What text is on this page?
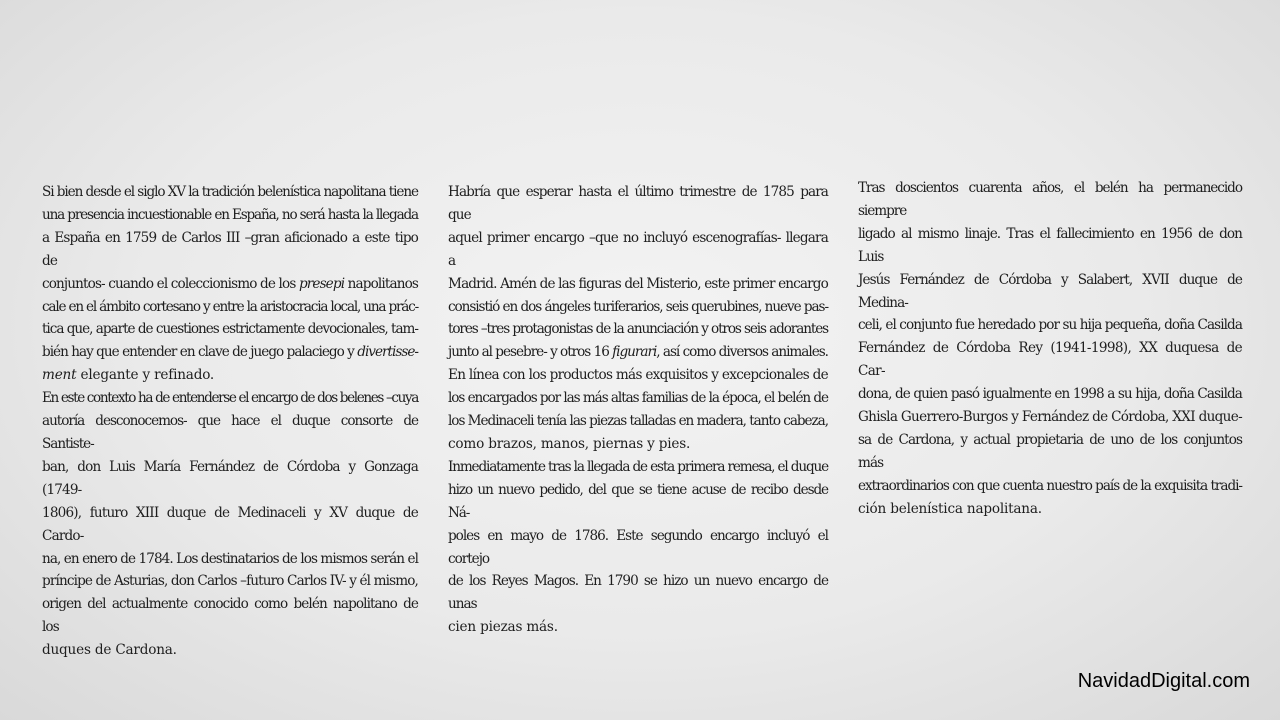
Si bien desde el siglo XV la tradición belenística napolitana tiene
una presencia incuestionable en España, no será hasta la llegada
a España en 1759 de Carlos III –gran aficionado a este tipo de
conjuntos- cuando el coleccionismo de los presepi napolitanos
cale en el ámbito cortesano y entre la aristocracia local, una prác-
tica que, aparte de cuestiones estrictamente devocionales, tam-
bién hay que entender en clave de juego palaciego y divertisse-
ment elegante y refinado.

En este contexto ha de entenderse el encargo de dos belenes –cuya
autoría desconocemos- que hace el duque consorte de Santiste-
ban, don Luis María Fernández de Córdoba y Gonzaga (1749-
1806), futuro XIII duque de Medinaceli y XV duque de Cardo-
na, en enero de 1784. Los destinatarios de los mismos serán el
príncipe de Asturias, don Carlos –futuro Carlos IV- y él mismo,
origen del actualmente conocido como belén napolitano de los
duques de Cardona.

Habría que esperar hasta el último trimestre de 1785 para que
aquel primer encargo –que no incluyó escenografías- llegara a
Madrid. Amén de las figuras del Misterio, este primer encargo
consistió en dos ángeles turiferarios, seis querubines, nueve pas-
tores –tres protagonistas de la anunciación y otros seis adorantes
junto al pesebre- y otros 16 figurari, así como diversos animales.
En línea con los productos más exquisitos y excepcionales de
los encargados por las más altas familias de la época, el belén de
los Medinaceli tenía las piezas talladas en madera, tanto cabeza,
como brazos, manos, piernas y pies.

Inmediatamente tras la llegada de esta primera remesa, el duque
hizo un nuevo pedido, del que se tiene acuse de recibo desde Ná-
poles en mayo de 1786. Este segundo encargo incluyó el cortejo
de los Reyes Magos. En 1790 se hizo un nuevo encargo de unas
cien piezas más.

Tras doscientos cuarenta años, el belén ha permanecido siempre
ligado al mismo linaje. Tras el fallecimiento en 1956 de don Luis
Jesús Fernández de Córdoba y Salabert, XVII duque de Medina-
celi, el conjunto fue heredado por su hija pequeña, doña Casilda
Fernández de Córdoba Rey (1941-1998), XX duquesa de Car-
dona, de quien pasó igualmente en 1998 a su hija, doña Casilda
Ghisla Guerrero-Burgos y Fernández de Córdoba, XXI duque-
sa de Cardona, y actual propietaria de uno de los conjuntos más
extraordinarios con que cuenta nuestro país de la exquisita tradi-
ción belenística napolitana.

NavidadDigital.com
